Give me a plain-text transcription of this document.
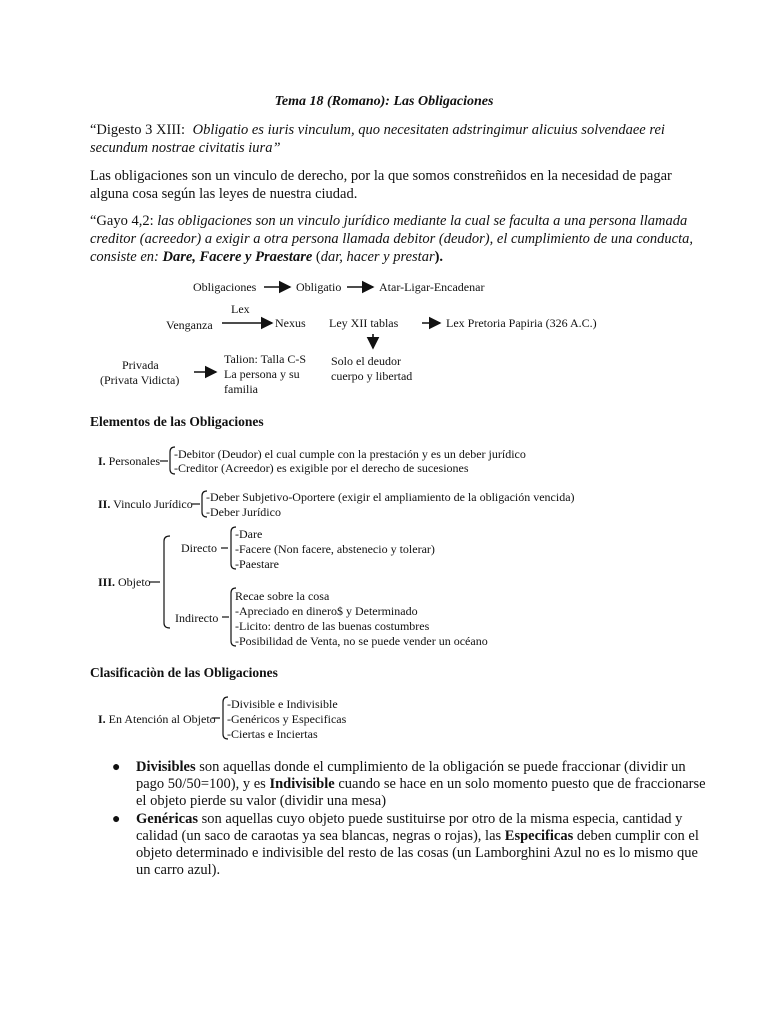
Tema 18 (Romano): Las Obligaciones
“Digesto 3 XIII: Obligatio es iuris vinculum, quo necesitaten adstringimur alicuius solvendaee rei
secundum nostrae civitatis iura”
Las obligaciones son un vinculo de derecho, por la que somos constreñidos en la necesidad de pagar
alguna cosa según las leyes de nuestra ciudad.
“Gayo 4,2: las obligaciones son un vinculo jurídico mediante la cual se faculta a una persona llamada
creditor (acreedor) a exigir a otra persona llamada debitor (deudor), el cumplimiento de una conducta,
consiste en: Dare, Facere y Praestare (dar, hacer y prestar).
Obligaciones	Obligatio	Atar-Ligar-Encadenar
Lex
Venganza	Nexus Ley XII tablas	Lex Pretoria Papiria (326 A.C.)
Privada
(Privata Vidicta)
Talion: Talla C-S
La persona y su
familia
Solo el deudor
cuerpo y libertad
Elementos de las Obligaciones
I. Personales -Debitor (Deudor) el cual cumple con la prestación y es un deber jurídico
-Creditor (Acreedor) es exigible por el derecho de sucesiones
II. Vinculo Jurídico -Deber Subjetivo-Oportere (exigir el ampliamiento de la obligación vencida)
-Deber Jurídico
III. Objeto
Directo
-Dare
-Facere (Non facere, abstenecio y tolerar)
-Paestare
Indirecto
Recae sobre la cosa
-Apreciado en dinero$ y Determinado
-Licito: dentro de las buenas costumbres
-Posibilidad de Venta, no se puede vender un océano
Clasificaciòn de las Obligaciones
I. En Atención al Objeto
-Divisible e Indivisible
-Genéricos y Especificas
-Ciertas e Inciertas
● Divisibles son aquellas donde el cumplimiento de la obligación se puede fraccionar (dividir un pago 50/50=100), y es Indivisible cuando se hace en un solo momento puesto que de fraccionarse el objeto pierde su valor (dividir una mesa)
● Genéricas son aquellas cuyo objeto puede sustituirse por otro de la misma especia, cantidad y calidad (un saco de caraotas ya sea blancas, negras o rojas), las Especificas deben cumplir con el objeto determinado e indivisible del resto de las cosas (un Lamborghini Azul no es lo mismo que un carro azul).
